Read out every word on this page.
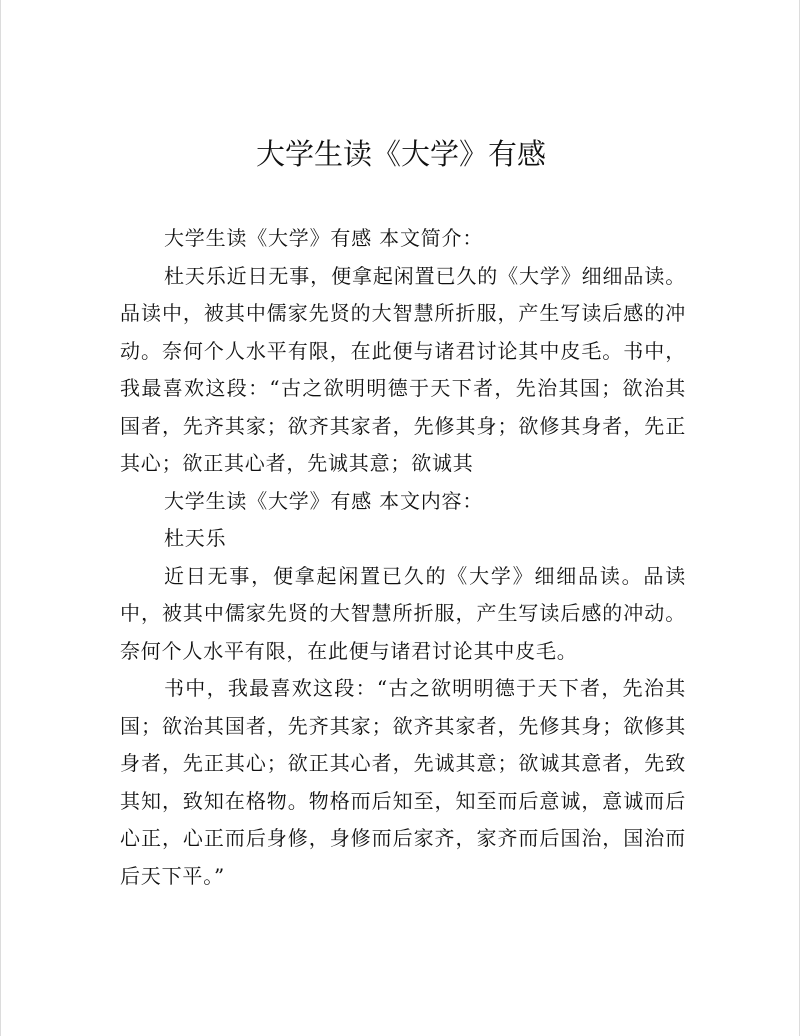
大学生读《大学》有感

大学生读《大学》有感 本文简介：

杜天乐近日无事，便拿起闲置已久的《大学》细细品读。品读中，被其中儒家先贤的大智慧所折服，产生写读后感的冲动。奈何个人水平有限，在此便与诸君讨论其中皮毛。书中，我最喜欢这段：“古之欲明明德于天下者，先治其国；欲治其国者，先齐其家；欲齐其家者，先修其身；欲修其身者，先正其心；欲正其心者，先诚其意；欲诚其

大学生读《大学》有感 本文内容：

杜天乐

近日无事，便拿起闲置已久的《大学》细细品读。品读中，被其中儒家先贤的大智慧所折服，产生写读后感的冲动。奈何个人水平有限，在此便与诸君讨论其中皮毛。

书中，我最喜欢这段：“古之欲明明德于天下者，先治其国；欲治其国者，先齐其家；欲齐其家者，先修其身；欲修其身者，先正其心；欲正其心者，先诚其意；欲诚其意者，先致其知，致知在格物。物格而后知至，知至而后意诚，意诚而后心正，心正而后身修，身修而后家齐，家齐而后国治，国治而后天下平。”
